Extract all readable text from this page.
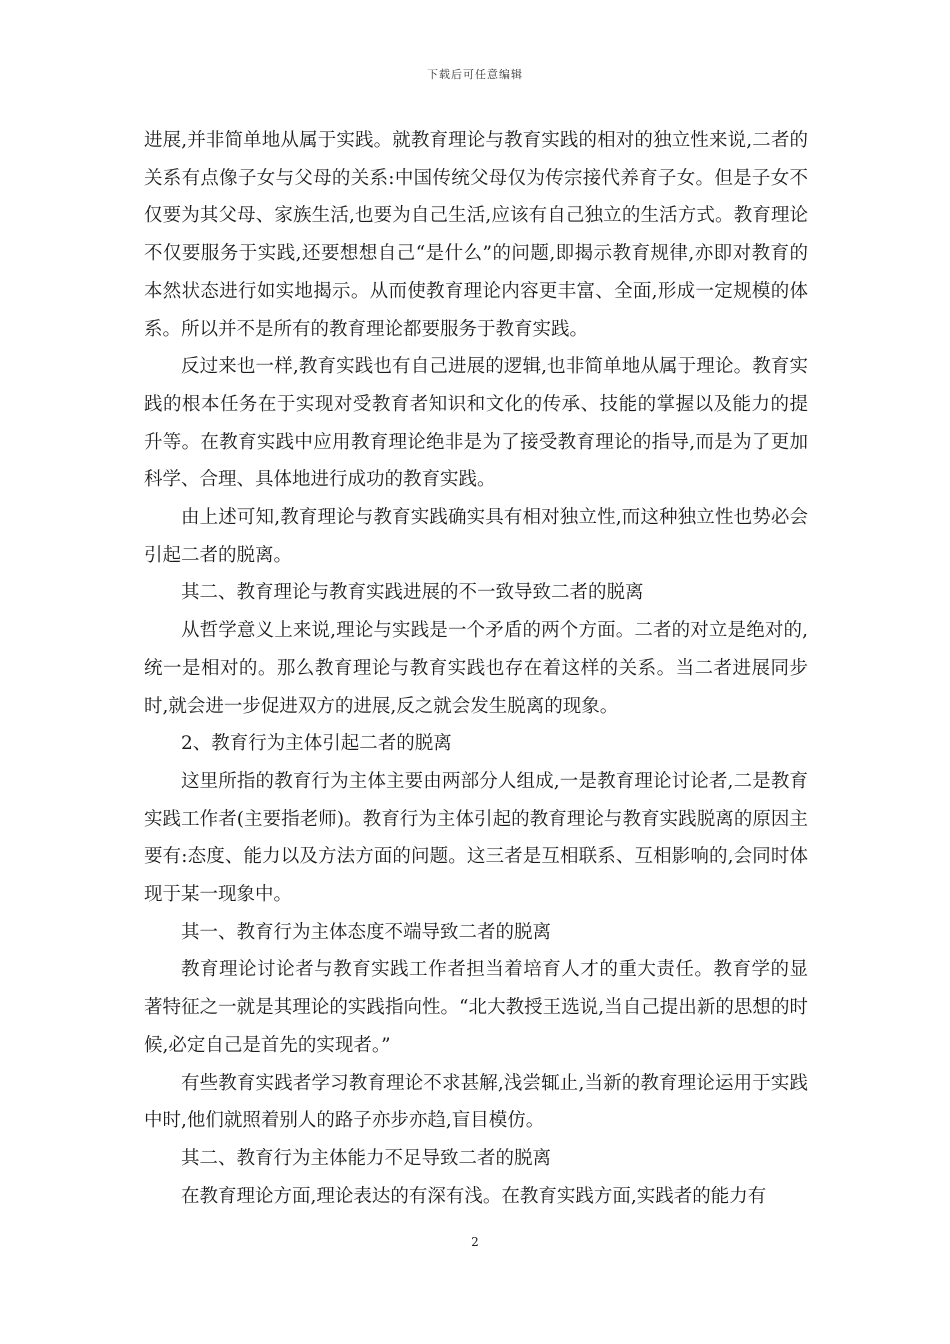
下载后可任意编辑

进展,并非简单地从属于实践。就教育理论与教育实践的相对的独立性来说,二者的关系有点像子女与父母的关系:中国传统父母仅为传宗接代养育子女。但是子女不仅要为其父母、家族生活,也要为自己生活,应该有自己独立的生活方式。教育理论不仅要服务于实践,还要想想自己“是什么”的问题,即揭示教育规律,亦即对教育的本然状态进行如实地揭示。从而使教育理论内容更丰富、全面,形成一定规模的体系。所以并不是所有的教育理论都要服务于教育实践。

反过来也一样,教育实践也有自己进展的逻辑,也非简单地从属于理论。教育实践的根本任务在于实现对受教育者知识和文化的传承、技能的掌握以及能力的提升等。在教育实践中应用教育理论绝非是为了接受教育理论的指导,而是为了更加科学、合理、具体地进行成功的教育实践。

由上述可知,教育理论与教育实践确实具有相对独立性,而这种独立性也势必会引起二者的脱离。

其二、教育理论与教育实践进展的不一致导致二者的脱离

从哲学意义上来说,理论与实践是一个矛盾的两个方面。二者的对立是绝对的,统一是相对的。那么教育理论与教育实践也存在着这样的关系。当二者进展同步时,就会进一步促进双方的进展,反之就会发生脱离的现象。

2、教育行为主体引起二者的脱离

这里所指的教育行为主体主要由两部分人组成,一是教育理论讨论者,二是教育实践工作者(主要指老师)。教育行为主体引起的教育理论与教育实践脱离的原因主要有:态度、能力以及方法方面的问题。这三者是互相联系、互相影响的,会同时体现于某一现象中。

其一、教育行为主体态度不端导致二者的脱离

教育理论讨论者与教育实践工作者担当着培育人才的重大责任。教育学的显著特征之一就是其理论的实践指向性。“北大教授王选说,当自己提出新的思想的时候,必定自己是首先的实现者。”

有些教育实践者学习教育理论不求甚解,浅尝辄止,当新的教育理论运用于实践中时,他们就照着别人的路子亦步亦趋,盲目模仿。

其二、教育行为主体能力不足导致二者的脱离

在教育理论方面,理论表达的有深有浅。在教育实践方面,实践者的能力有

2
